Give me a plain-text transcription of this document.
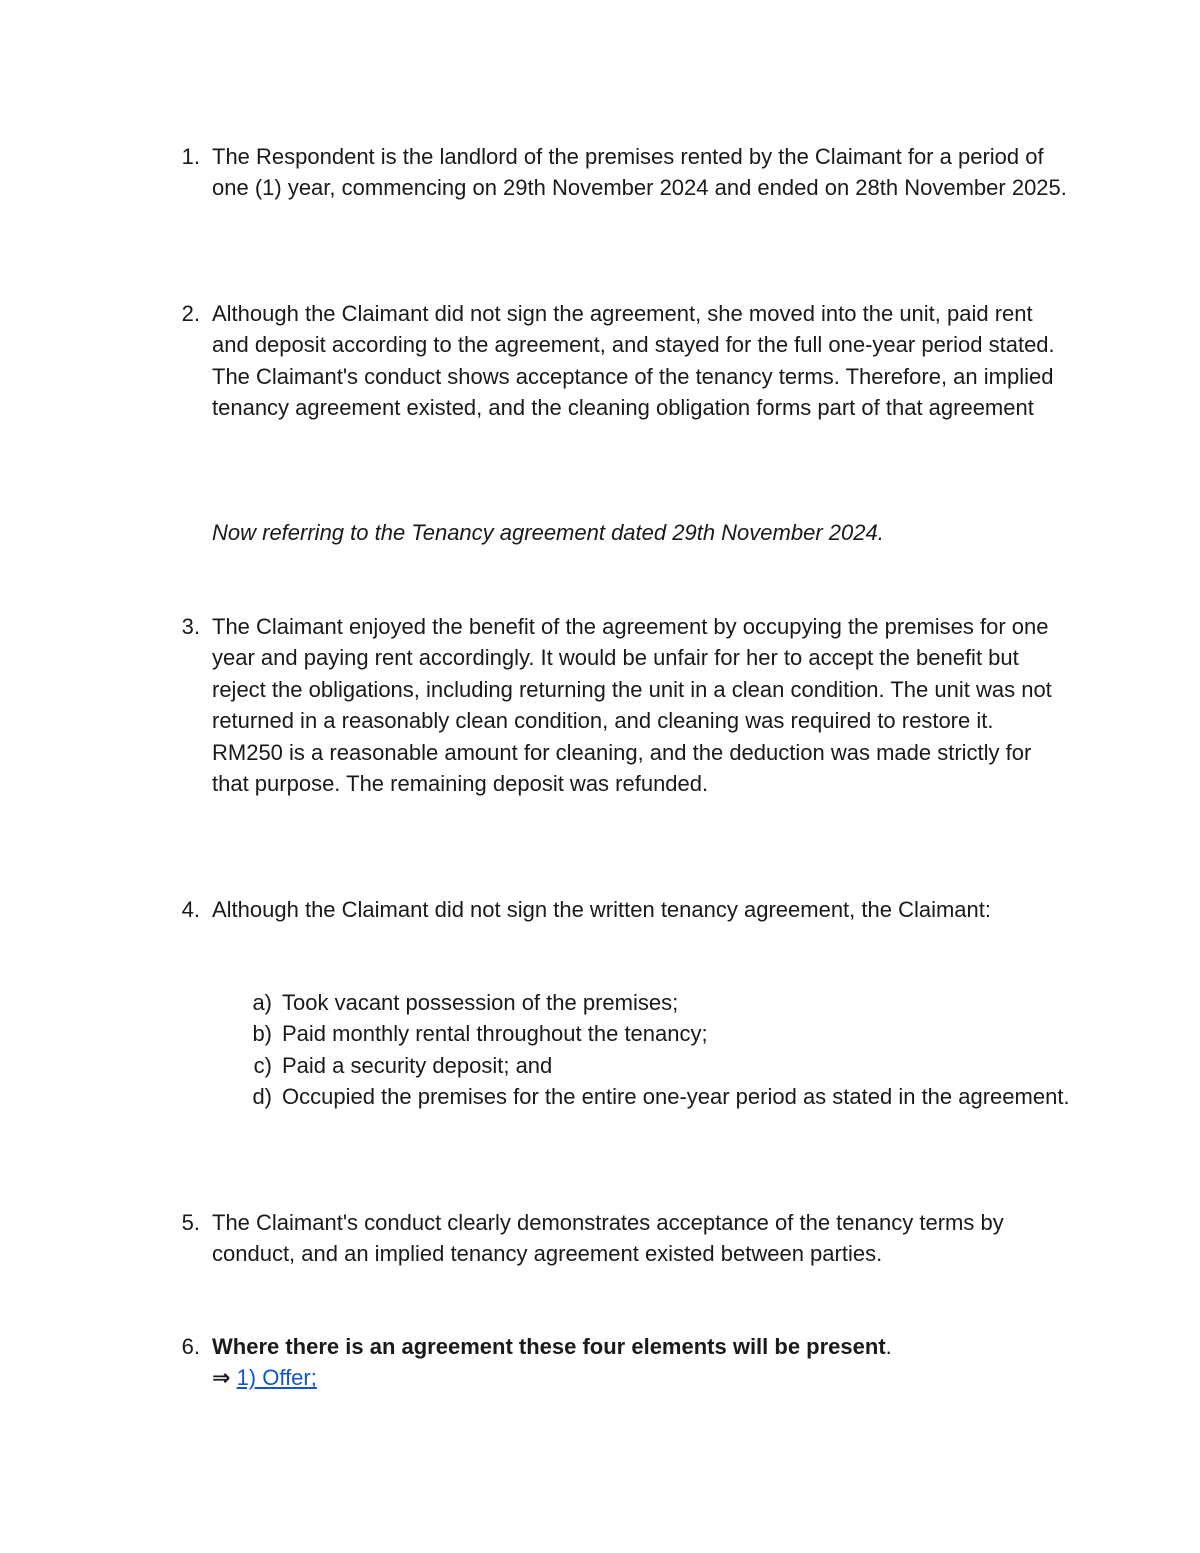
1. The Respondent is the landlord of the premises rented by the Claimant for a period of one (1) year, commencing on 29th November 2024 and ended on 28th November 2025.
2. Although the Claimant did not sign the agreement, she moved into the unit, paid rent and deposit according to the agreement, and stayed for the full one-year period stated. The Claimant's conduct shows acceptance of the tenancy terms. Therefore, an implied tenancy agreement existed, and the cleaning obligation forms part of that agreement
Now referring to the Tenancy agreement dated 29th November 2024.
3. The Claimant enjoyed the benefit of the agreement by occupying the premises for one year and paying rent accordingly. It would be unfair for her to accept the benefit but reject the obligations, including returning the unit in a clean condition. The unit was not returned in a reasonably clean condition, and cleaning was required to restore it. RM250 is a reasonable amount for cleaning, and the deduction was made strictly for that purpose. The remaining deposit was refunded.
4. Although the Claimant did not sign the written tenancy agreement, the Claimant:
a) Took vacant possession of the premises;
b) Paid monthly rental throughout the tenancy;
c) Paid a security deposit; and
d) Occupied the premises for the entire one-year period as stated in the agreement.
5. The Claimant's conduct clearly demonstrates acceptance of the tenancy terms by conduct, and an implied tenancy agreement existed between parties.
6. Where there is an agreement these four elements will be present.
⇒ 1) Offer;
